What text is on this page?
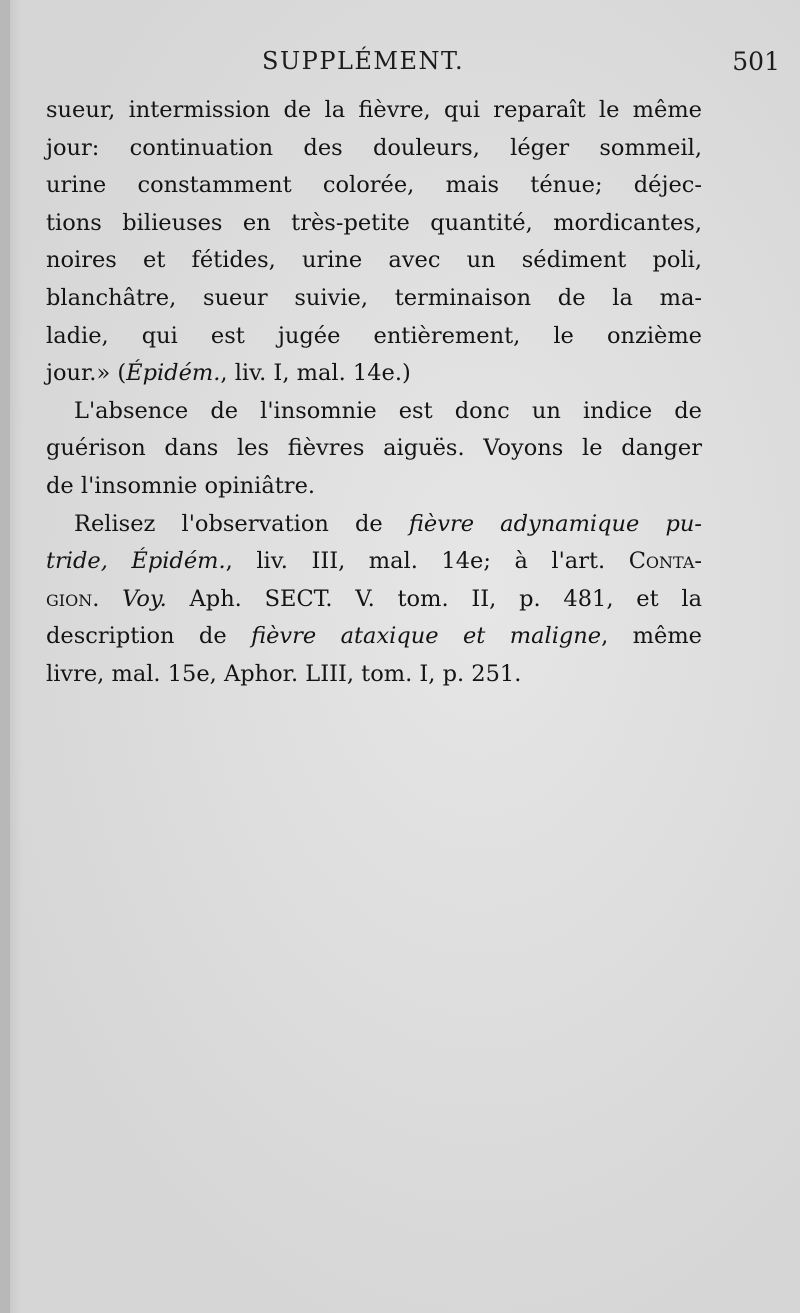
SUPPLÉMENT.	501

sueur, intermission de la fièvre, qui reparaît le même
jour: continuation des douleurs, léger sommeil,
urine constamment colorée, mais ténue; déjec-
tions bilieuses en très-petite quantité, mordicantes,
noires et fétides, urine avec un sédiment poli,
blanchâtre, sueur suivie, terminaison de la ma-
ladie, qui est jugée entièrement, le onzième
jour.» (Épidém., liv. I, mal. 14e.)

L'absence de l'insomnie est donc un indice de
guérison dans les fièvres aiguës. Voyons le danger
de l'insomnie opiniâtre.

Relisez l'observation de fièvre adynamique pu-
tride, Épidém., liv. III, mal. 14e; à l'art. Conta-
gion. Voy. Aph. SECT. V. tom. II, p. 481, et la
description de fièvre ataxique et maligne, même
livre, mal. 15e, Aphor. LIII, tom. I, p. 251.
